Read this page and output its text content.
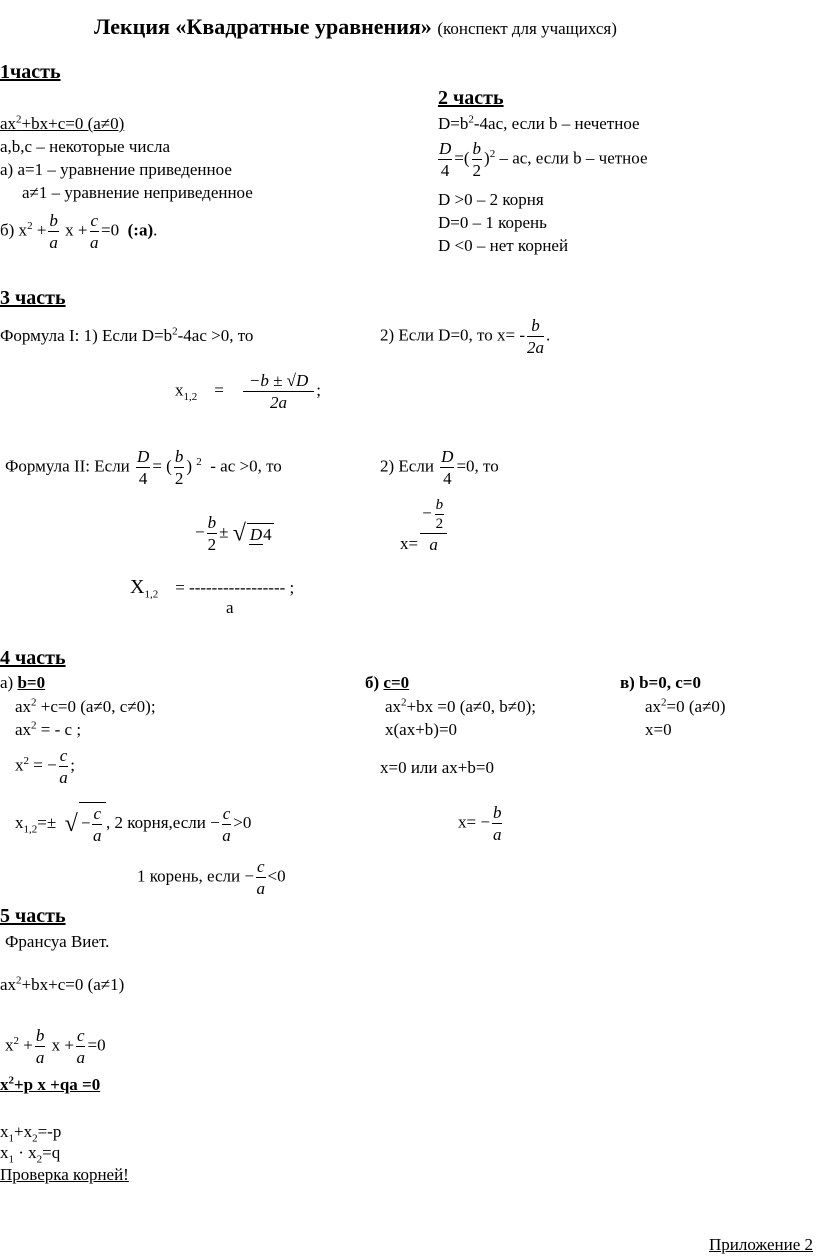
Лекция «Квадратные уравнения» (конспект для учащихся)
1часть
$ax^2+bx+c=0$ (a≠0)
a,b,c – некоторые числа
а) a=1 – уравнение приведенное
a≠1 – уравнение неприведенное
б) $x^2 + \frac{b}{a}$ $x + \frac{c}{a} =0$ (:a).
2 часть
$D=b^2-4ac$, если b – нечетное
$\frac{D}{4}$ =( $\frac{b}{2} )^2$ – ac, если b – четное
D >0 – 2 корня
D=0 – 1 корень
D <0 – нет корней
3 часть
Формула I: 1) Если $D=b^2-4ac >0$, то	2) Если D=0, то $x= - \frac{b}{2a}$ .
$x_{1,2} = \frac{-b \pm √D}{2a}$ ;
Формула II: Если $\frac{D}{4}$ = ( $\frac{b}{2}$ ) $^2$ - ac >0, то	2) Если $\frac{D}{4} =0$, то
− $\frac{b}{2}$ ± √ D4
$X_{1,2}$ = ----------------- ;
a
$x= \frac{- \frac{b}{2}}{a}$
4 часть
а) b=0
$ax^2 +c=0$ (a≠0, c≠0);
$ax^2$ = - c ;
$x^2$ = − $\frac{c}{a}$ ;
$x_{1,2}=\pm$ √ − $\frac{c}{a}$ , 2 корня,если − $\frac{c}{a} >0$
1 корень, если − $\frac{c}{a} <0$
б) c=0
$ax^2+bx =0$ (a≠0, b≠0);
x(ax+b)=0
x=0 или ax+b=0
$x= - \frac{b}{a}$
в) b=0, c=0
$ax^2=0$ (a≠0)
x=0
5 часть
Франсуа Виет.
$ax^2+bx+c=0$ (a≠1)
$x^2 + \frac{b}{a}$ $x + \frac{c}{a} =0$
$x^2+p$ x +qa =0
$x_1+x_2=-p$
$x_1 \cdot x_2=q$
Проверка корней!
Приложение 2
